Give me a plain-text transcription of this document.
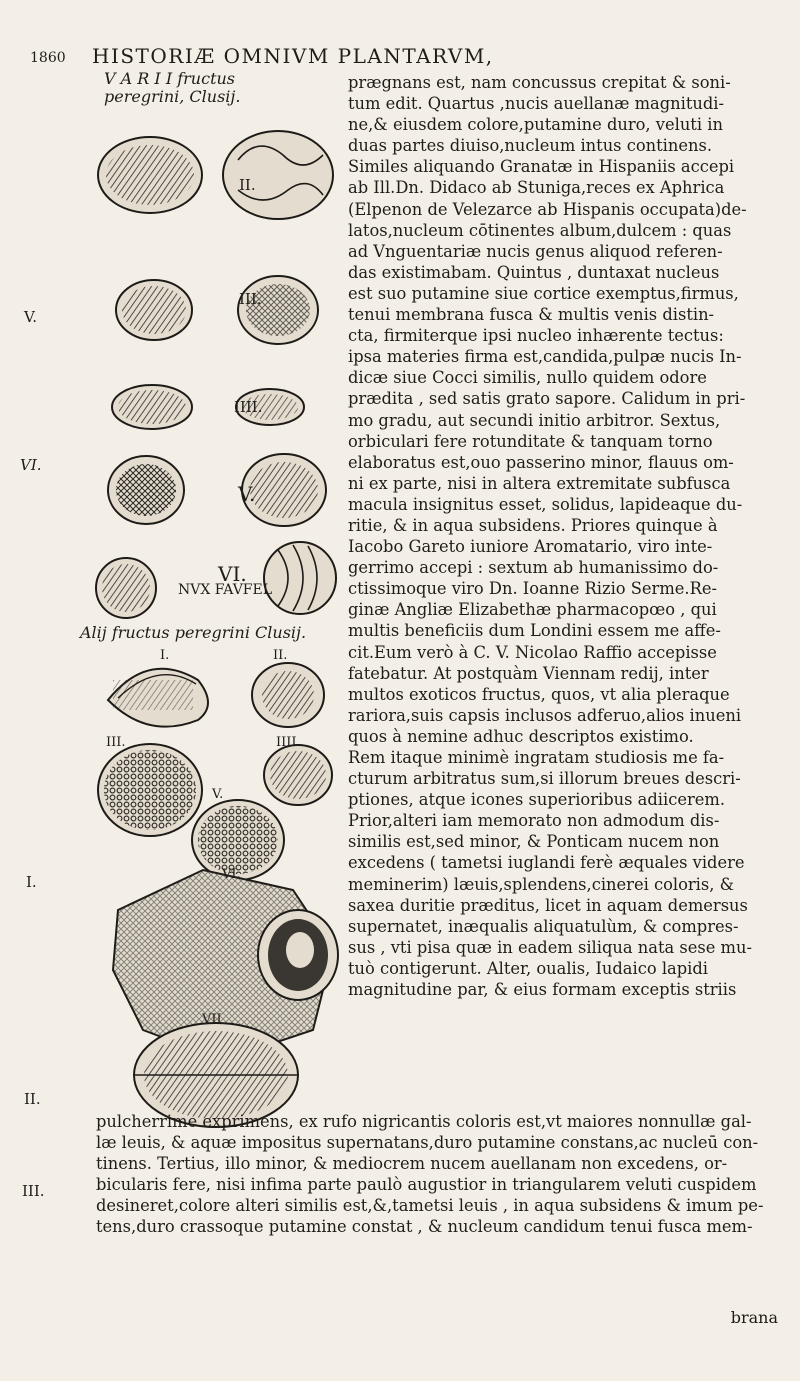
1860 HISTORIÆ OMNIVM PLANTARVM,
V A R I I fructus
peregrini, Clusij.
II.
III.
IIII.
V.
VI.
NVX FAVFEL
I.	II.
III.	IIII.
V.
VI.
VII
Alij fructus peregrini Clusij.
V.
VI.
I.
II.
III.

prægnans est, nam concussus crepitat & soni-

tum edit. Quartus ,nucis auellanæ magnitudi-

ne,& eiusdem colore,putamine duro, veluti in

duas partes diuiso,nucleum intus continens.

Similes aliquando Granatæ in Hispaniis accepi

ab Ill.Dn. Didaco ab Stuniga,reces ex Aphrica

(Elpenon de Velezarce ab Hispanis occupata)de-

latos,nucleum cōtinentes album,dulcem : quas

ad Vnguentariæ nucis genus aliquod referen-

das existimabam. Quintus , duntaxat nucleus

est suo putamine siue cortice exemptus,firmus,

tenui membrana fusca & multis venis distin-

cta, firmiterque ipsi nucleo inhærente tectus:

ipsa materies firma est,candida,pulpæ nucis In-

dicæ siue Cocci similis, nullo quidem odore

prædita , sed satis grato sapore. Calidum in pri-

mo gradu, aut secundi initio arbitror. Sextus,

orbiculari fere rotunditate & tanquam torno

elaboratus est,ouo passerino minor, flauus om-

ni ex parte, nisi in altera extremitate subfusca

macula insignitus esset, solidus, lapideaque du-

ritie, & in aqua subsidens. Priores quinque à

Iacobo Gareto iuniore Aromatario, viro inte-

gerrimo accepi : sextum ab humanissimo do-

ctissimoque viro Dn. Ioanne Rizio Serme.Re-

ginæ Angliæ Elizabethæ pharmacopœo , qui

multis beneficiis dum Londini essem me affe-

cit.Eum verò à C. V. Nicolao Raffio accepisse

fatebatur. At postquàm Viennam redij, inter

multos exoticos fructus, quos, vt alia pleraque

rariora,suis capsis inclusos adferuo,alios inueni

quos à nemine adhuc descriptos existimo.

Rem itaque minimè ingratam studiosis me fa-

cturum arbitratus sum,si illorum breues descri-

ptiones, atque icones superioribus adiicerem.

Prior,alteri iam memorato non admodum dis-

similis est,sed minor, & Ponticam nucem non

excedens ( tametsi iuglandi ferè æquales videre

meminerim) læuis,splendens,cinerei coloris, &

saxea duritie præditus, licet in aquam demersus

supernatet, inæqualis aliquatulùm, & compres-

sus , vti pisa quæ in eadem siliqua nata sese mu-

tuò contigerunt. Alter, oualis, Iudaico lapidi

magnitudine par, & eius formam exceptis striis

pulcherrime exprimens, ex rufo nigricantis coloris est,vt maiores nonnullæ gal-

læ leuis, & aquæ impositus supernatans,duro putamine constans,ac nucleū con-

tinens. Tertius, illo minor, & mediocrem nucem auellanam non excedens, or-

bicularis fere, nisi infima parte paulò augustior in triangularem veluti cuspidem

desineret,colore alteri similis est,&,tametsi leuis , in aqua subsidens & imum pe-

tens,duro crassoque putamine constat , & nucleum candidum tenui fusca mem-

brana
